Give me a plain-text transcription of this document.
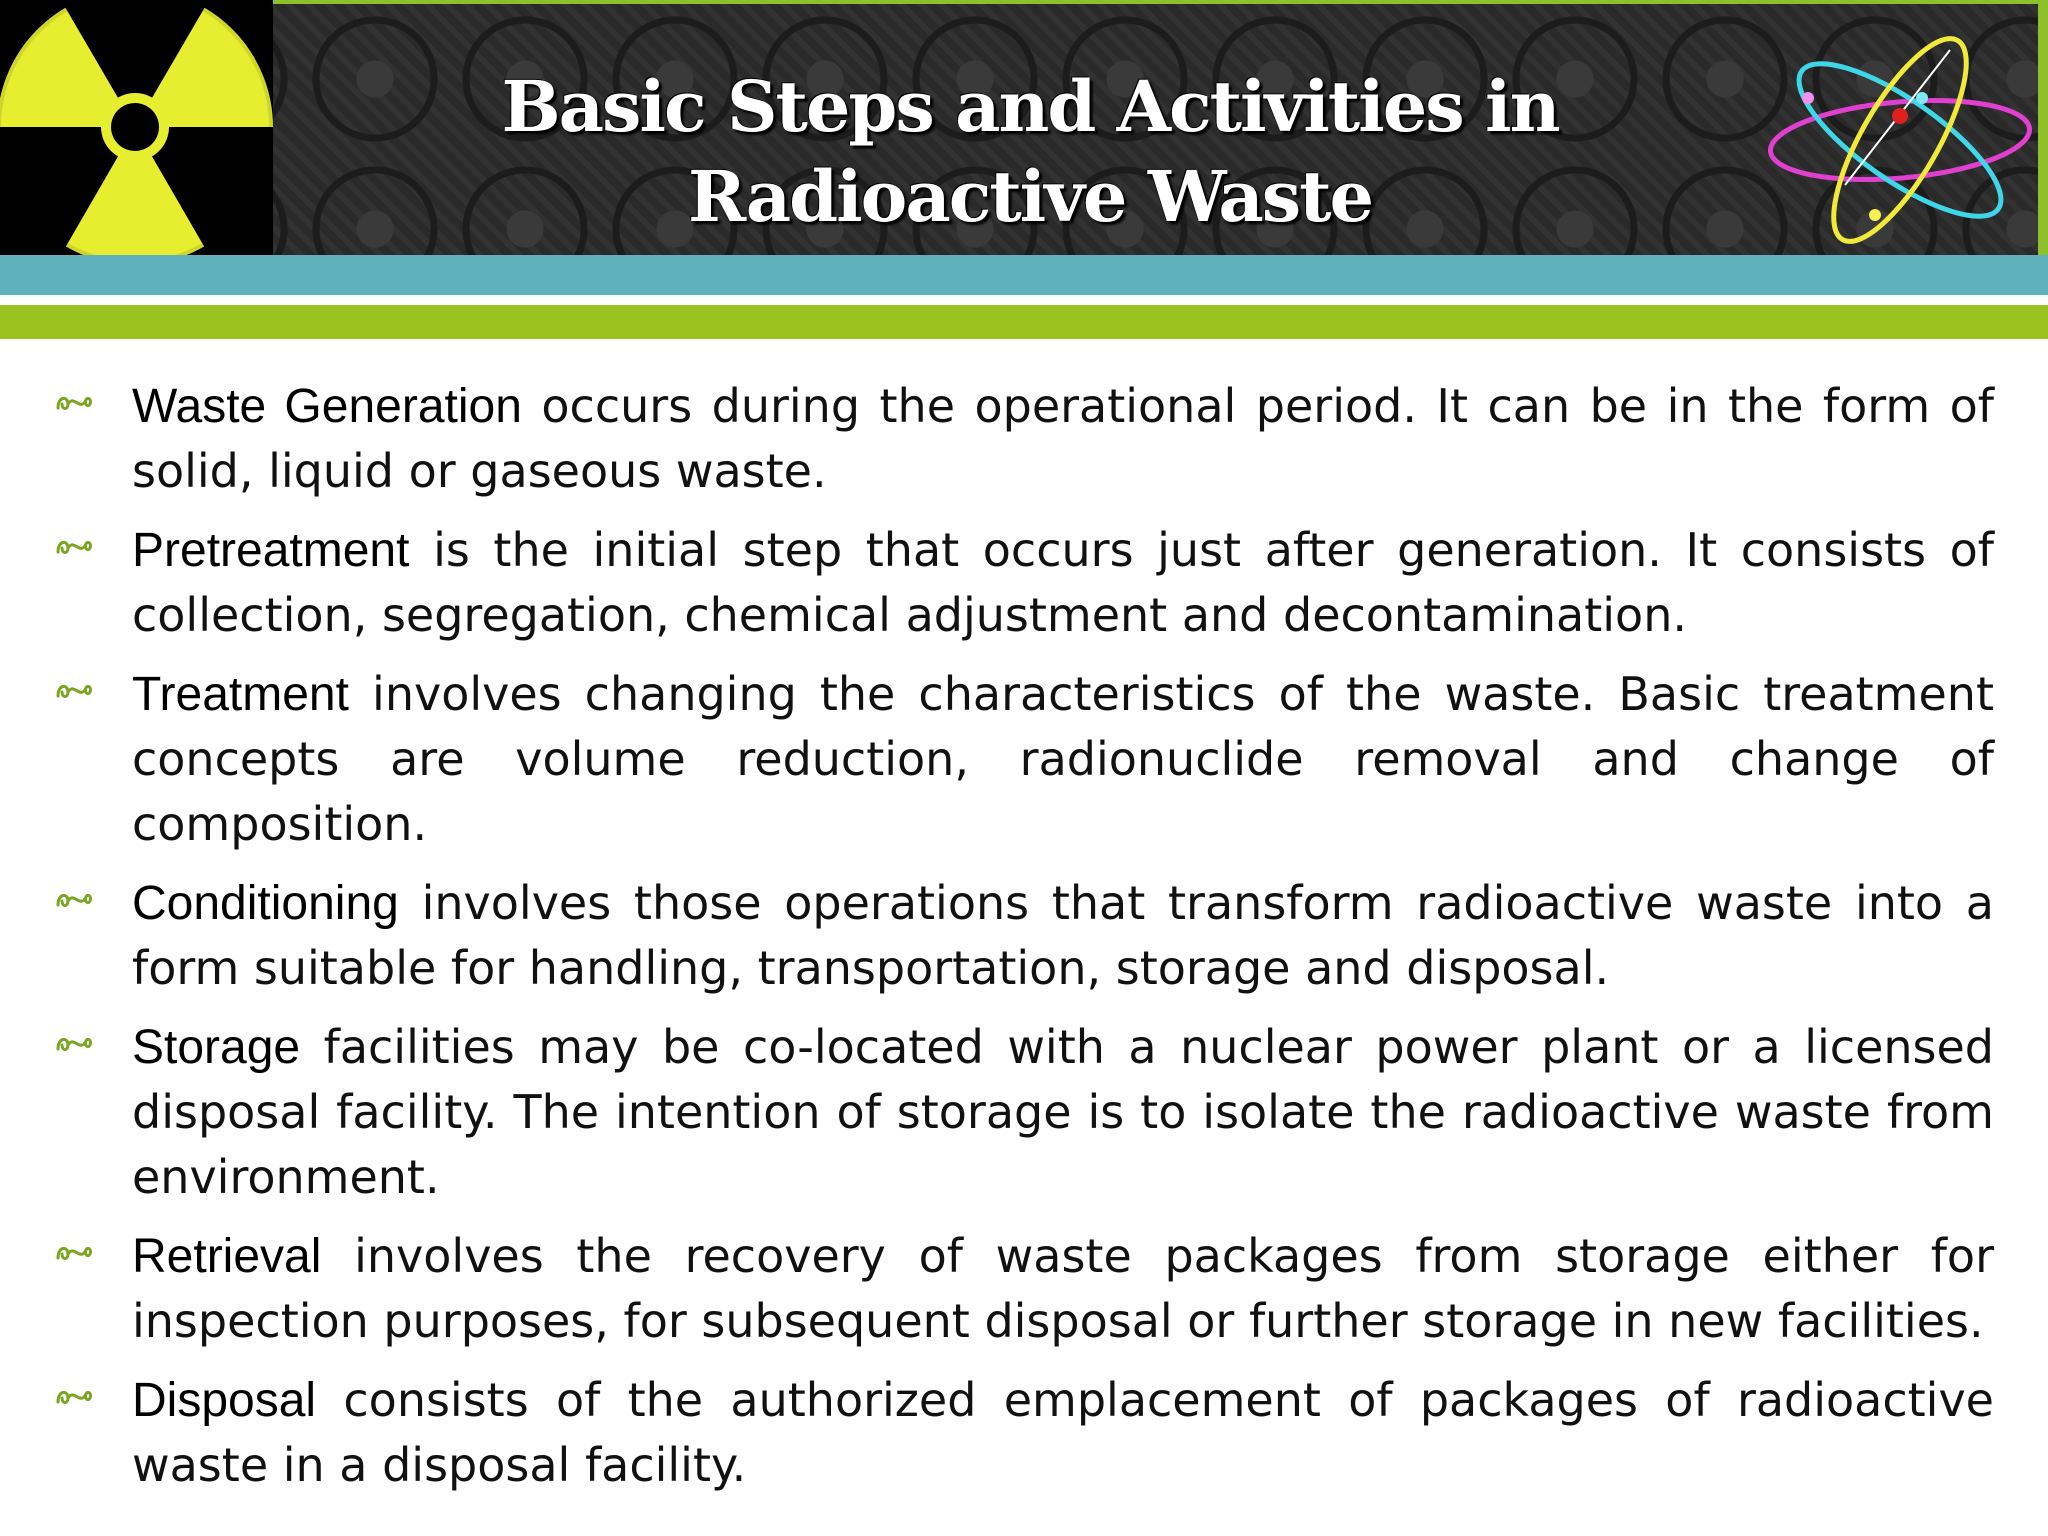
Basic Steps and Activities in
Radioactive Waste
Waste Generation occurs during the operational period. It can be in the form of solid, liquid or gaseous waste.
Pretreatment is the initial step that occurs just after generation. It consists of collection, segregation, chemical adjustment and decontamination.
Treatment involves changing the characteristics of the waste. Basic treatment concepts are volume reduction, radionuclide removal and change of composition.
Conditioning involves those operations that transform radioactive waste into a form suitable for handling, transportation, storage and disposal.
Storage facilities may be co-located with a nuclear power plant or a licensed disposal facility. The intention of storage is to isolate the radioactive waste from environment.
Retrieval involves the recovery of waste packages from storage either for inspection purposes, for subsequent disposal or further storage in new facilities.
Disposal consists of the authorized emplacement of packages of radioactive waste in a disposal facility.
